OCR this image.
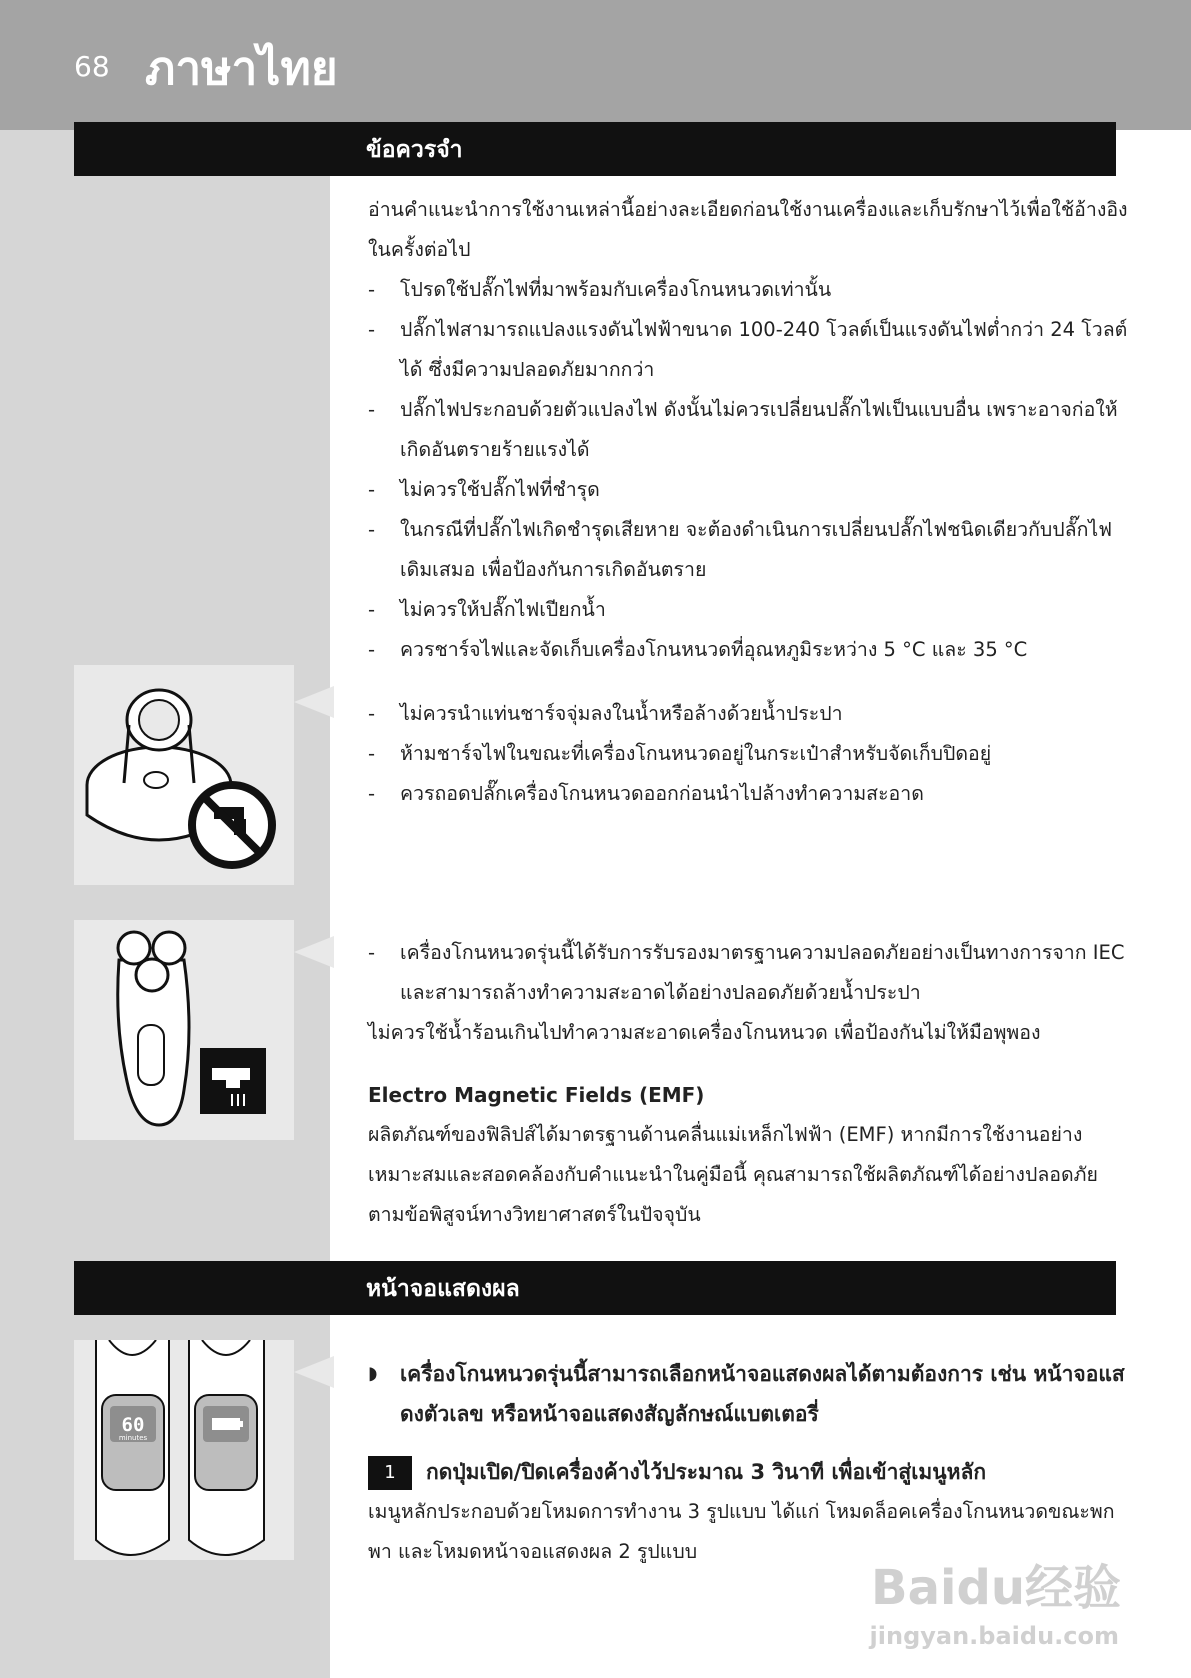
68 ภาษาไทย
ข้อควรจำ

อ่านคำแนะนำการใช้งานเหล่านี้อย่างละเอียดก่อนใช้งานเครื่องและเก็บรักษาไว้เพื่อใช้อ้างอิงในครั้งต่อไป

- โปรดใช้ปลั๊กไฟที่มาพร้อมกับเครื่องโกนหนวดเท่านั้น

- ปลั๊กไฟสามารถแปลงแรงดันไฟฟ้าขนาด 100-240 โวลต์เป็นแรงดันไฟต่ำกว่า 24 โวลต์ได้ ซึ่งมีความปลอดภัยมากกว่า

- ปลั๊กไฟประกอบด้วยตัวแปลงไฟ ดังนั้นไม่ควรเปลี่ยนปลั๊กไฟเป็นแบบอื่น เพราะอาจก่อให้เกิดอันตรายร้ายแรงได้

- ไม่ควรใช้ปลั๊กไฟที่ชำรุด

- ในกรณีที่ปลั๊กไฟเกิดชำรุดเสียหาย จะต้องดำเนินการเปลี่ยนปลั๊กไฟชนิดเดียวกับปลั๊กไฟเดิมเสมอ เพื่อป้องกันการเกิดอันตราย

- ไม่ควรให้ปลั๊กไฟเปียกน้ำ

- ควรชาร์จไฟและจัดเก็บเครื่องโกนหนวดที่อุณหภูมิระหว่าง 5 °C และ 35 °C

- ไม่ควรนำแท่นชาร์จจุ่มลงในน้ำหรือล้างด้วยน้ำประปา

- ห้ามชาร์จไฟในขณะที่เครื่องโกนหนวดอยู่ในกระเป๋าสำหรับจัดเก็บปิดอยู่

- ควรถอดปลั๊กเครื่องโกนหนวดออกก่อนนำไปล้างทำความสะอาด

- เครื่องโกนหนวดรุ่นนี้ได้รับการรับรองมาตรฐานความปลอดภัยอย่างเป็นทางการจาก IEC และสามารถล้างทำความสะอาดได้อย่างปลอดภัยด้วยน้ำประปา

ไม่ควรใช้น้ำร้อนเกินไปทำความสะอาดเครื่องโกนหนวด เพื่อป้องกันไม่ให้มือพุพอง

Electro Magnetic Fields (EMF)

ผลิตภัณฑ์ของฟิลิปส์ได้มาตรฐานด้านคลื่นแม่เหล็กไฟฟ้า (EMF) หากมีการใช้งานอย่างเหมาะสมและสอดคล้องกับคำแนะนำในคู่มือนี้ คุณสามารถใช้ผลิตภัณฑ์ได้อย่างปลอดภัยตามข้อพิสูจน์ทางวิทยาศาสตร์ในปัจจุบัน

หน้าจอแสดงผล
60
minutes

◗ เครื่องโกนหนวดรุ่นนี้สามารถเลือกหน้าจอแสดงผลได้ตามต้องการ เช่น หน้าจอแสดงตัวเลข หรือหน้าจอแสดงสัญลักษณ์แบตเตอรี่

1 กดปุ่มเปิด/ปิดเครื่องค้างไว้ประมาณ 3 วินาที เพื่อเข้าสู่เมนูหลัก

เมนูหลักประกอบด้วยโหมดการทำงาน 3 รูปแบบ ได้แก่ โหมดล็อคเครื่องโกนหนวดขณะพกพา และโหมดหน้าจอแสดงผล 2 รูปแบบ

Baidu经验
jingyan.baidu.com
